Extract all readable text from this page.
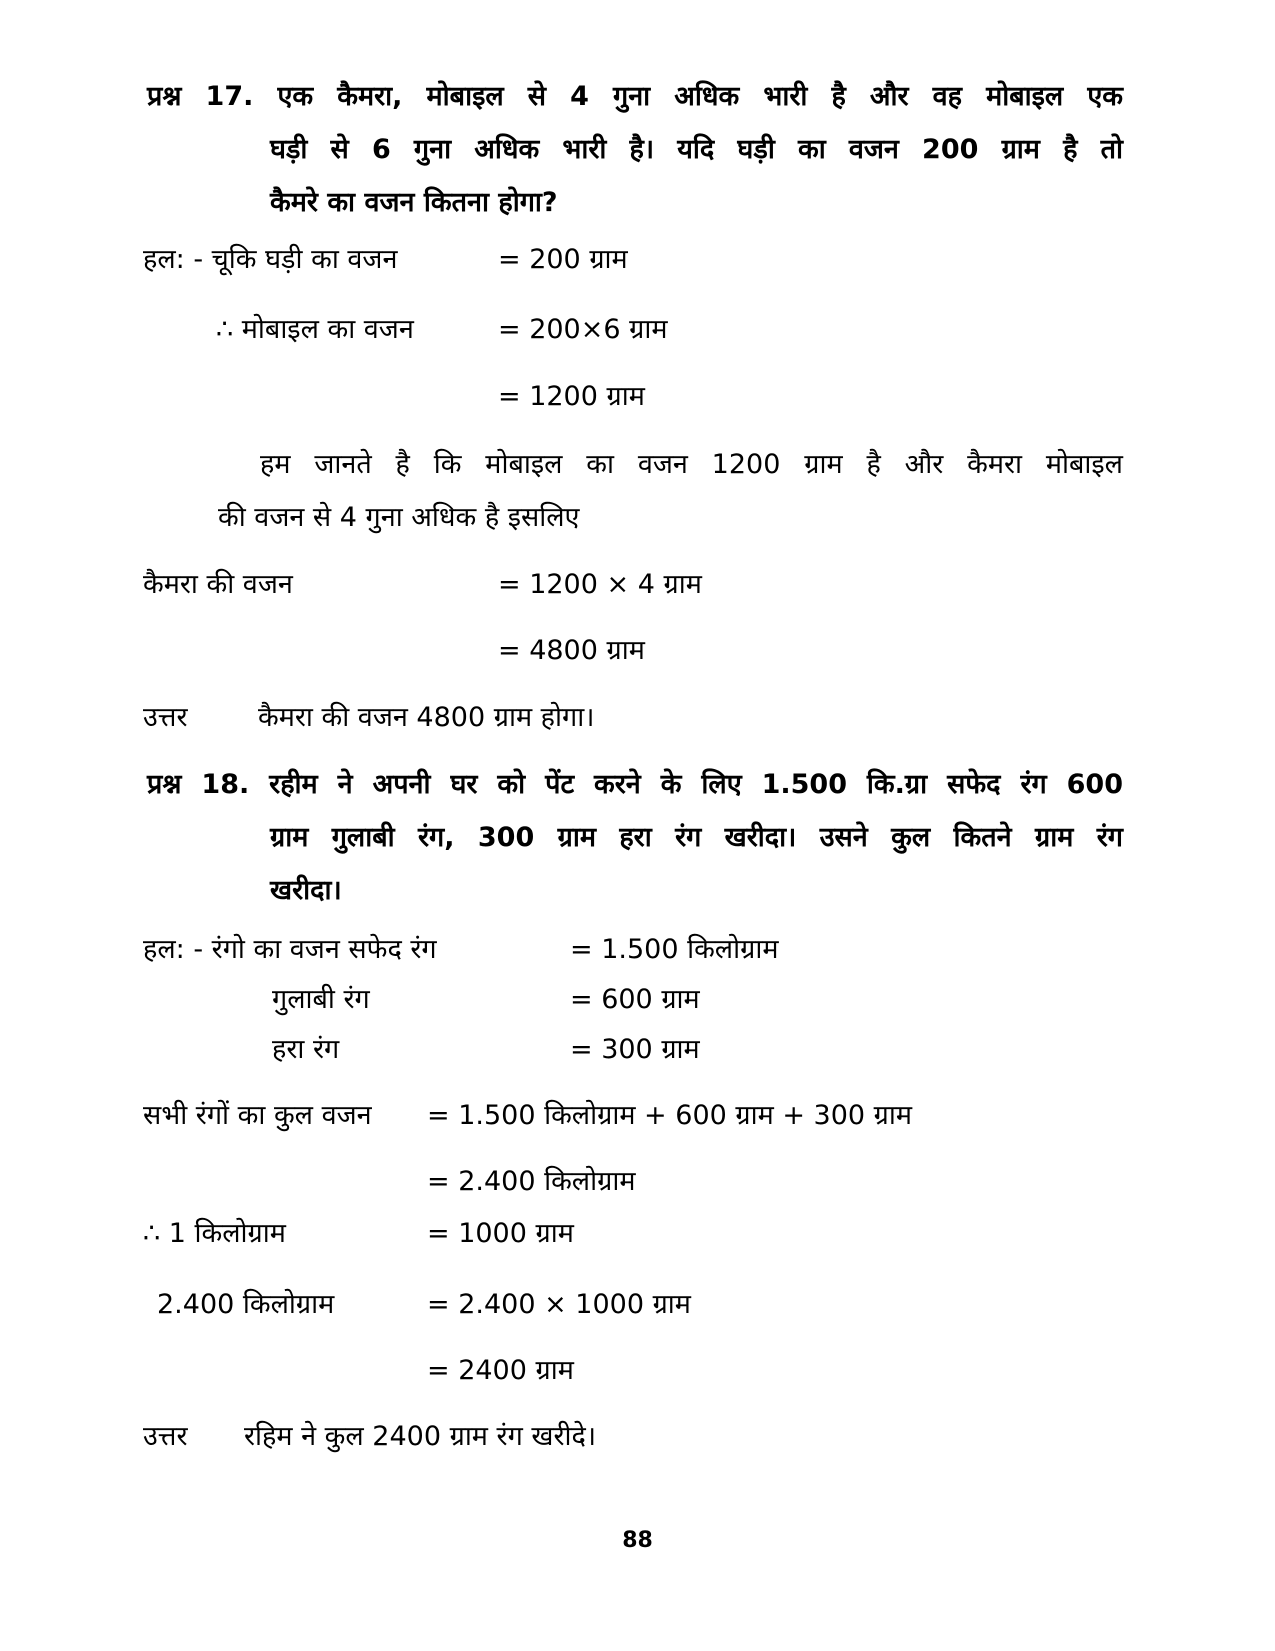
प्रश्न 17. एक कैमरा, मोबाइल से 4 गुना अधिक भारी है और वह मोबाइल एक
घड़ी से 6 गुना अधिक भारी है। यदि घड़ी का वजन 200 ग्राम है तो
कैमरे का वजन कितना होगा?
हल: - चूकि घड़ी का वजन	= 200 ग्राम
∴ मोबाइल का वजन	= 200×6 ग्राम
= 1200 ग्राम
हम जानते है कि मोबाइल का वजन 1200 ग्राम है और कैमरा मोबाइल
की वजन से 4 गुना अधिक है इसलिए
कैमरा की वजन	= 1200 × 4 ग्राम
= 4800 ग्राम
उत्तर	कैमरा की वजन 4800 ग्राम होगा।
प्रश्न 18. रहीम ने अपनी घर को पेंट करने के लिए 1.500 कि.ग्रा सफेद रंग 600
ग्राम गुलाबी रंग, 300 ग्राम हरा रंग खरीदा। उसने कुल कितने ग्राम रंग
खरीदा।
हल: - रंगो का वजन सफेद रंग	= 1.500 किलोग्राम
गुलाबी रंग	= 600 ग्राम
हरा रंग	= 300 ग्राम
सभी रंगों का कुल वजन = 1.500 किलोग्राम + 600 ग्राम + 300 ग्राम
= 2.400 किलोग्राम
∴ 1 किलोग्राम	= 1000 ग्राम
2.400 किलोग्राम	= 2.400 × 1000 ग्राम
= 2400 ग्राम
उत्तर रहिम ने कुल 2400 ग्राम रंग खरीदे।
88
